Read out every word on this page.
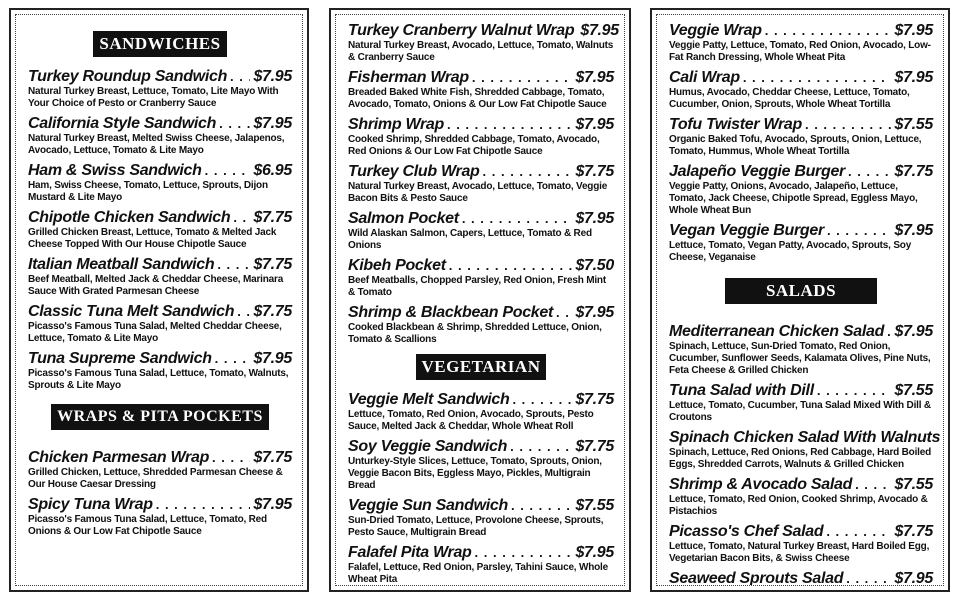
SANDWICHES
Turkey Roundup Sandwich . . . $7.95
Natural Turkey Breast, Lettuce, Tomato, Lite Mayo With Your Choice of Pesto or Cranberry Sauce
California Style Sandwich . . . $7.95
Natural Turkey Breast, Melted Swiss Cheese, Jalapenos, Avocado, Lettuce, Tomato & Lite Mayo
Ham & Swiss Sandwich . . .	$6.95
Ham, Swiss Cheese, Tomato, Lettuce, Sprouts, Dijon Mustard & Lite Mayo
Chipotle Chicken Sandwich . . . $7.75
Grilled Chicken Breast, Lettuce, Tomato & Melted Jack Cheese Topped With Our House Chipotle Sauce
Italian Meatball Sandwich . . . $7.75
Beef Meatball, Melted Jack & Cheddar Cheese, Marinara Sauce With Grated Parmesan Cheese
Classic Tuna Melt Sandwich . . . $7.75
Picasso's Famous Tuna Salad, Melted Cheddar Cheese, Lettuce, Tomato & Lite Mayo
Tuna Supreme Sandwich . . .	$7.95
Picasso's Famous Tuna Salad, Lettuce, Tomato, Walnuts, Sprouts & Lite Mayo
WRAPS & PITA POCKETS
Chicken Parmesan Wrap . . .	$7.75
Grilled Chicken, Lettuce, Shredded Parmesan Cheese & Our House Caesar Dressing
Spicy Tuna Wrap . . .	$7.95
Picasso's Famous Tuna Salad, Lettuce, Tomato, Red Onions & Our Low Fat Chipotle Sauce
Turkey Cranberry Walnut Wrap $7.95
Natural Turkey Breast, Avocado, Lettuce, Tomato, Walnuts & Cranberry Sauce
Fisherman Wrap . . .	$7.95
Breaded Baked White Fish, Shredded Cabbage, Tomato, Avocado, Tomato, Onions & Our Low Fat Chipotle Sauce
Shrimp Wrap . . .	$7.95
Cooked Shrimp, Shredded Cabbage, Tomato, Avocado, Red Onions & Our Low Fat Chipotle Sauce
Turkey Club Wrap . . .	$7.75
Natural Turkey Breast, Avocado, Lettuce, Tomato, Veggie Bacon Bits & Pesto Sauce
Salmon Pocket . . .	$7.95
Wild Alaskan Salmon, Capers, Lettuce, Tomato & Red Onions
Kibeh Pocket . . .	$7.50
Beef Meatballs, Chopped Parsley, Red Onion, Fresh Mint & Tomato
Shrimp & Blackbean Pocket . . . $7.95
Cooked Blackbean & Shrimp, Shredded Lettuce, Onion, Tomato & Scallions
VEGETARIAN
Veggie Melt Sandwich . . .	$7.75
Lettuce, Tomato, Red Onion, Avocado, Sprouts, Pesto Sauce, Melted Jack & Cheddar, Whole Wheat Roll
Soy Veggie Sandwich . . .	$7.75
Unturkey-Style Slices, Lettuce, Tomato, Sprouts, Onion, Veggie Bacon Bits, Eggless Mayo, Pickles, Multigrain Bread
Veggie Sun Sandwich . . .	$7.55
Sun-Dried Tomato, Lettuce, Provolone Cheese, Sprouts, Pesto Sauce, Multigrain Bread
Falafel Pita Wrap . . .	$7.95
Falafel, Lettuce, Red Onion, Parsley, Tahini Sauce, Whole Wheat Pita
Veggie Wrap . . .	$7.95
Veggie Patty, Lettuce, Tomato, Red Onion, Avocado, Low-Fat Ranch Dressing, Whole Wheat Pita
Cali Wrap . . .	$7.95
Humus, Avocado, Cheddar Cheese, Lettuce, Tomato, Cucumber, Onion, Sprouts, Whole Wheat Tortilla
Tofu Twister Wrap . . .	$7.55
Organic Baked Tofu, Avocado, Sprouts, Onion, Lettuce, Tomato, Hummus, Whole Wheat Tortilla
Jalapeño Veggie Burger . . .	$7.75
Veggie Patty, Onions, Avocado, Jalapeño, Lettuce, Tomato, Jack Cheese, Chipotle Spread, Eggless Mayo, Whole Wheat Bun
Vegan Veggie Burger . . .	$7.95
Lettuce, Tomato, Vegan Patty, Avocado, Sprouts, Soy Cheese, Veganaise
SALADS
Mediterranean Chicken Salad . . . $7.95
Spinach, Lettuce, Sun-Dried Tomato, Red Onion, Cucumber, Sunflower Seeds, Kalamata Olives, Pine Nuts, Feta Cheese & Grilled Chicken
Tuna Salad with Dill . . .	$7.55
Lettuce, Tomato, Cucumber, Tuna Salad Mixed With Dill & Croutons
Spinach Chicken Salad With Walnuts
Spinach, Lettuce, Red Onions, Red Cabbage, Hard Boiled Eggs, Shredded Carrots, Walnuts & Grilled Chicken
Shrimp & Avocado Salad . . .	$7.55
Lettuce, Tomato, Red Onion, Cooked Shrimp, Avocado & Pistachios
Picasso's Chef Salad . . .	$7.75
Lettuce, Tomato, Natural Turkey Breast, Hard Boiled Egg, Vegetarian Bacon Bits, & Swiss Cheese
Seaweed Sprouts Salad . . .	$7.95
